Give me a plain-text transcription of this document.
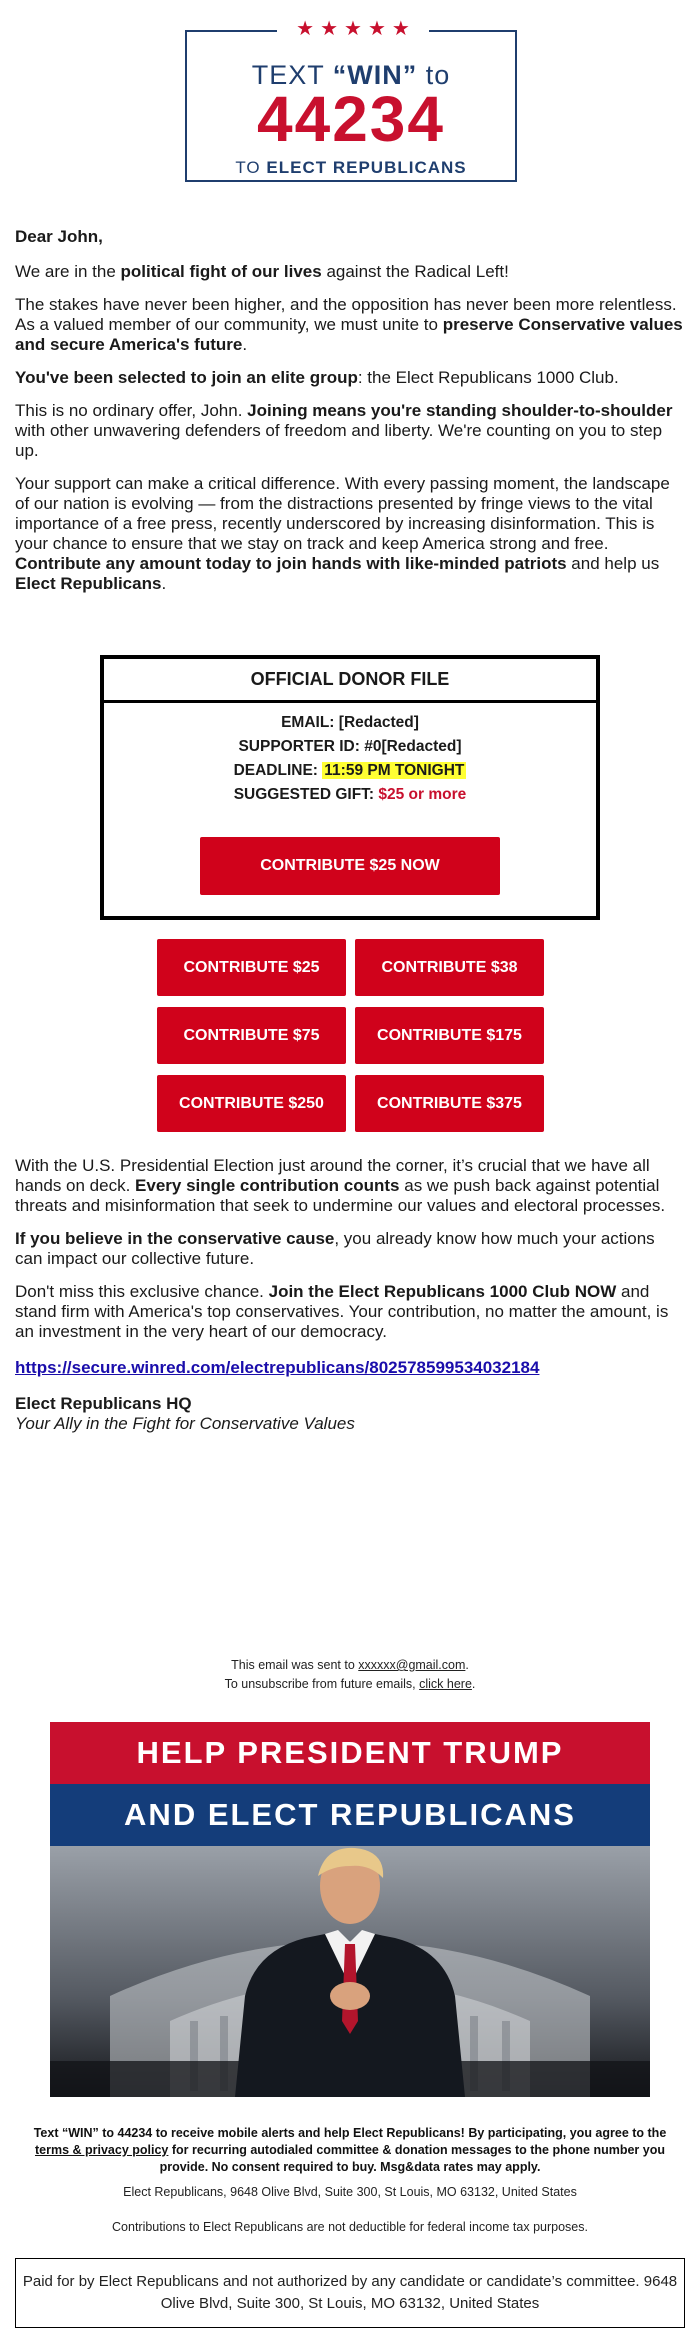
★★★★★
TEXT “WIN” to
44234
TO ELECT REPUBLICANS

Dear John,

We are in the political fight of our lives against the Radical Left!

The stakes have never been higher, and the opposition has never been more relentless. As a valued member of our community, we must unite to preserve Conservative values and secure America's future.

You've been selected to join an elite group: the Elect Republicans 1000 Club.

This is no ordinary offer, John. Joining means you're standing shoulder-to-shoulder with other unwavering defenders of freedom and liberty. We're counting on you to step up.

Your support can make a critical difference. With every passing moment, the landscape of our nation is evolving — from the distractions presented by fringe views to the vital importance of a free press, recently underscored by increasing disinformation. This is your chance to ensure that we stay on track and keep America strong and free. Contribute any amount today to join hands with like-minded patriots and help us Elect Republicans.

OFFICIAL DONOR FILE
EMAIL: [Redacted]
SUPPORTER ID: #0[Redacted]
DEADLINE: 11:59 PM TONIGHT
SUGGESTED GIFT: $25 or more
CONTRIBUTE $25 NOW
CONTRIBUTE $25	CONTRIBUTE $38
CONTRIBUTE $75	CONTRIBUTE $175
CONTRIBUTE $250	CONTRIBUTE $375

With the U.S. Presidential Election just around the corner, it’s crucial that we have all hands on deck. Every single contribution counts as we push back against potential threats and misinformation that seek to undermine our values and electoral processes.

If you believe in the conservative cause, you already know how much your actions can impact our collective future.

Don't miss this exclusive chance. Join the Elect Republicans 1000 Club NOW and stand firm with America's top conservatives. Your contribution, no matter the amount, is an investment in the very heart of our democracy.

https://secure.winred.com/electrepublicans/802578599534032184

Elect Republicans HQ

Your Ally in the Fight for Conservative Values

This email was sent to xxxxxx@gmail.com.
To unsubscribe from future emails, click here.
HELP PRESIDENT TRUMP
AND ELECT REPUBLICANS
Text “WIN” to 44234 to receive mobile alerts and help Elect Republicans! By participating, you agree to the terms & privacy policy for recurring autodialed committee & donation messages to the phone number you provide. No consent required to buy. Msg&data rates may apply.
Elect Republicans, 9648 Olive Blvd, Suite 300, St Louis, MO 63132, United States
Contributions to Elect Republicans are not deductible for federal income tax purposes.
Paid for by Elect Republicans and not authorized by any candidate or candidate’s committee. 9648 Olive Blvd, Suite 300, St Louis, MO 63132, United States
